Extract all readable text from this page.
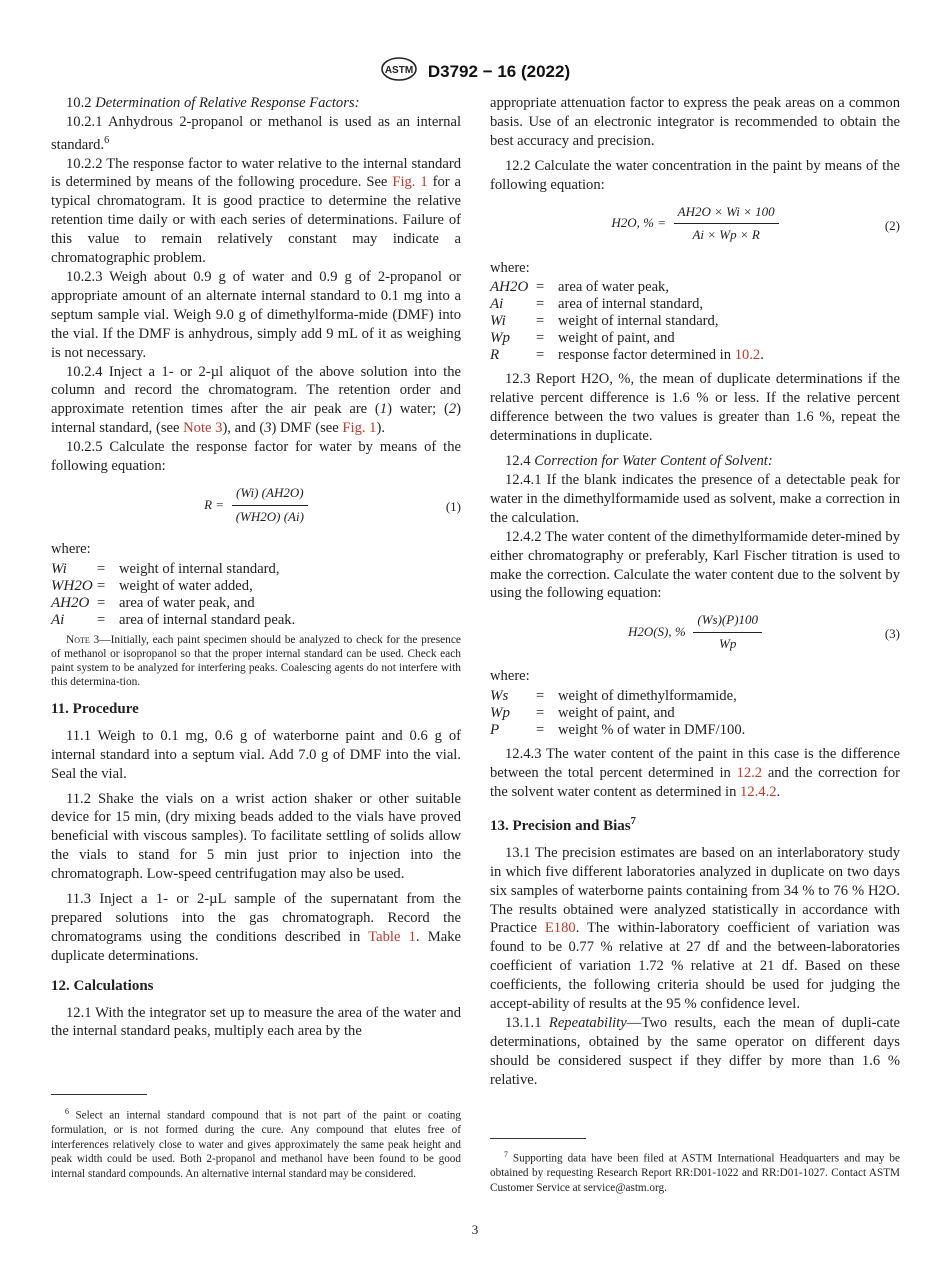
ASTM D3792 − 16 (2022)

10.2 Determination of Relative Response Factors:

10.2.1 Anhydrous 2-propanol or methanol is used as an internal standard.$^6$

10.2.2 The response factor to water relative to the internal standard is determined by means of the following procedure. See Fig. 1 for a typical chromatogram. It is good practice to determine the relative retention time daily or with each series of determinations. Failure of this value to remain relatively constant may indicate a chromatographic problem.

10.2.3 Weigh about 0.9 g of water and 0.9 g of 2-propanol or appropriate amount of an alternate internal standard to 0.1 mg into a septum sample vial. Weigh 9.0 g of dimethylforma-mide (DMF) into the vial. If the DMF is anhydrous, simply add 9 mL of it as weighing is not necessary.

10.2.4 Inject a 1- or 2-µl aliquot of the above solution into the column and record the chromatogram. The retention order and approximate retention times after the air peak are (1) water; (2) internal standard, (see Note 3), and (3) DMF (see Fig. 1).

10.2.5 Calculate the response factor for water by means of the following equation:

$R = \frac{(Wi) (AH2O)}{(WH2O) (Ai)}$	(1)

where:

Wi	=	weight of internal standard,
WH2O	=	weight of water added,
AH2O	=	area of water peak, and
Ai	=	area of internal standard peak.

Note 3—Initially, each paint specimen should be analyzed to check for the presence of methanol or isopropanol so that the proper internal standard can be used. Check each paint system to be analyzed for interfering peaks. Coalescing agents do not interfere with this determina-tion.

11. Procedure

11.1 Weigh to 0.1 mg, 0.6 g of waterborne paint and 0.6 g of internal standard into a septum vial. Add 7.0 g of DMF into the vial. Seal the vial.

11.2 Shake the vials on a wrist action shaker or other suitable device for 15 min, (dry mixing beads added to the vials have proved beneficial with viscous samples). To facilitate settling of solids allow the vials to stand for 5 min just prior to injection into the chromatograph. Low-speed centrifugation may also be used.

11.3 Inject a 1- or 2-µL sample of the supernatant from the prepared solutions into the gas chromatograph. Record the chromatograms using the conditions described in Table 1. Make duplicate determinations.

12. Calculations

12.1 With the integrator set up to measure the area of the water and the internal standard peaks, multiply each area by the

$^6$ Select an internal standard compound that is not part of the paint or coating formulation, or is not formed during the cure. Any compound that elutes free of interferences relatively close to water and gives approximately the same peak height and peak width could be used. Both 2-propanol and methanol have been found to be good internal standard compounds. An alternative internal standard may be considered.

appropriate attenuation factor to express the peak areas on a common basis. Use of an electronic integrator is recommended to obtain the best accuracy and precision.

12.2 Calculate the water concentration in the paint by means of the following equation:

H2O, % = $\frac{AH2O \times Wi \times 100}{Ai \times Wp \times R}$	(2)

where:

AH2O	=	area of water peak,
Ai	=	area of internal standard,
Wi	=	weight of internal standard,
Wp	=	weight of paint, and
R	=	response factor determined in 10.2.

12.3 Report H2O, %, the mean of duplicate determinations if the relative percent difference is 1.6 % or less. If the relative percent difference between the two values is greater than 1.6 %, repeat the determinations in duplicate.

12.4 Correction for Water Content of Solvent:

12.4.1 If the blank indicates the presence of a detectable peak for water in the dimethylformamide used as solvent, make a correction in the calculation.

12.4.2 The water content of the dimethylformamide deter-mined by either chromatography or preferably, Karl Fischer titration is used to make the correction. Calculate the water content due to the solvent by using the following equation:

H2O(S), % $\frac{(Ws)(P)100}{Wp}$	(3)

where:

Ws	=	weight of dimethylformamide,
Wp	=	weight of paint, and
P	=	weight % of water in DMF/100.

12.4.3 The water content of the paint in this case is the difference between the total percent determined in 12.2 and the correction for the solvent water content as determined in 12.4.2.

13. Precision and Bias$^7$

13.1 The precision estimates are based on an interlaboratory study in which five different laboratories analyzed in duplicate on two days six samples of waterborne paints containing from 34 % to 76 % H2O. The results obtained were analyzed statistically in accordance with Practice E180. The within-laboratory coefficient of variation was found to be 0.77 % relative at 27 df and the between-laboratories coefficient of variation 1.72 % relative at 21 df. Based on these coefficients, the following criteria should be used for judging the accept-ability of results at the 95 % confidence level.

13.1.1 Repeatability—Two results, each the mean of dupli-cate determinations, obtained by the same operator on different days should be considered suspect if they differ by more than 1.6 % relative.

$^7$ Supporting data have been filed at ASTM International Headquarters and may be obtained by requesting Research Report RR:D01-1022 and RR:D01-1027. Contact ASTM Customer Service at service@astm.org.
3
